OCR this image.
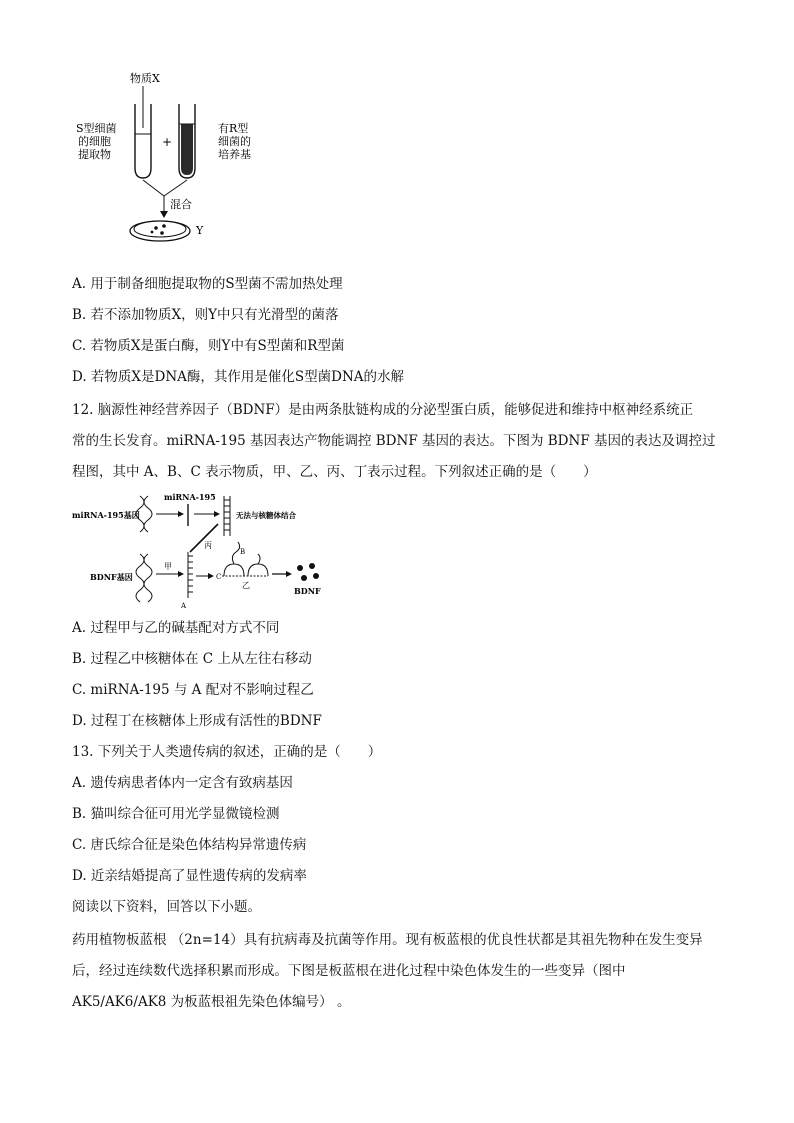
物质X
S型细菌
的细胞
提取物
+
有R型
细菌的
培养基
混合
Y
A. 用于制备细胞提取物的S型菌不需加热处理
B. 若不添加物质X，则Y中只有光滑型的菌落
C. 若物质X是蛋白酶，则Y中有S型菌和R型菌
D. 若物质X是DNA酶，其作用是催化S型菌DNA的水解
12. 脑源性神经营养因子（BDNF）是由两条肽链构成的分泌型蛋白质，能够促进和维持中枢神经系统正
常的生长发育。miRNA-195 基因表达产物能调控 BDNF 基因的表达。下图为 BDNF 基因的表达及调控过
程图，其中 A、B、C 表示物质，甲、乙、丙、丁表示过程。下列叙述正确的是（　　）
miRNA-195基因
miRNA-195
无法与核糖体结合
丙
BDNF基因
甲
A
C
B
乙
BDNF
A. 过程甲与乙的碱基配对方式不同
B. 过程乙中核糖体在 C 上从左往右移动
C. miRNA-195 与 A 配对不影响过程乙
D. 过程丁在核糖体上形成有活性的BDNF
13. 下列关于人类遗传病的叙述，正确的是（　　）
A. 遗传病患者体内一定含有致病基因
B. 猫叫综合征可用光学显微镜检测
C. 唐氏综合征是染色体结构异常遗传病
D. 近亲结婚提高了显性遗传病的发病率
阅读以下资料，回答以下小题。
药用植物板蓝根 （2n=14）具有抗病毒及抗菌等作用。现有板蓝根的优良性状都是其祖先物种在发生变异
后，经过连续数代选择积累而形成。下图是板蓝根在进化过程中染色体发生的一些变异（图中
AK5/AK6/AK8 为板蓝根祖先染色体编号） 。
